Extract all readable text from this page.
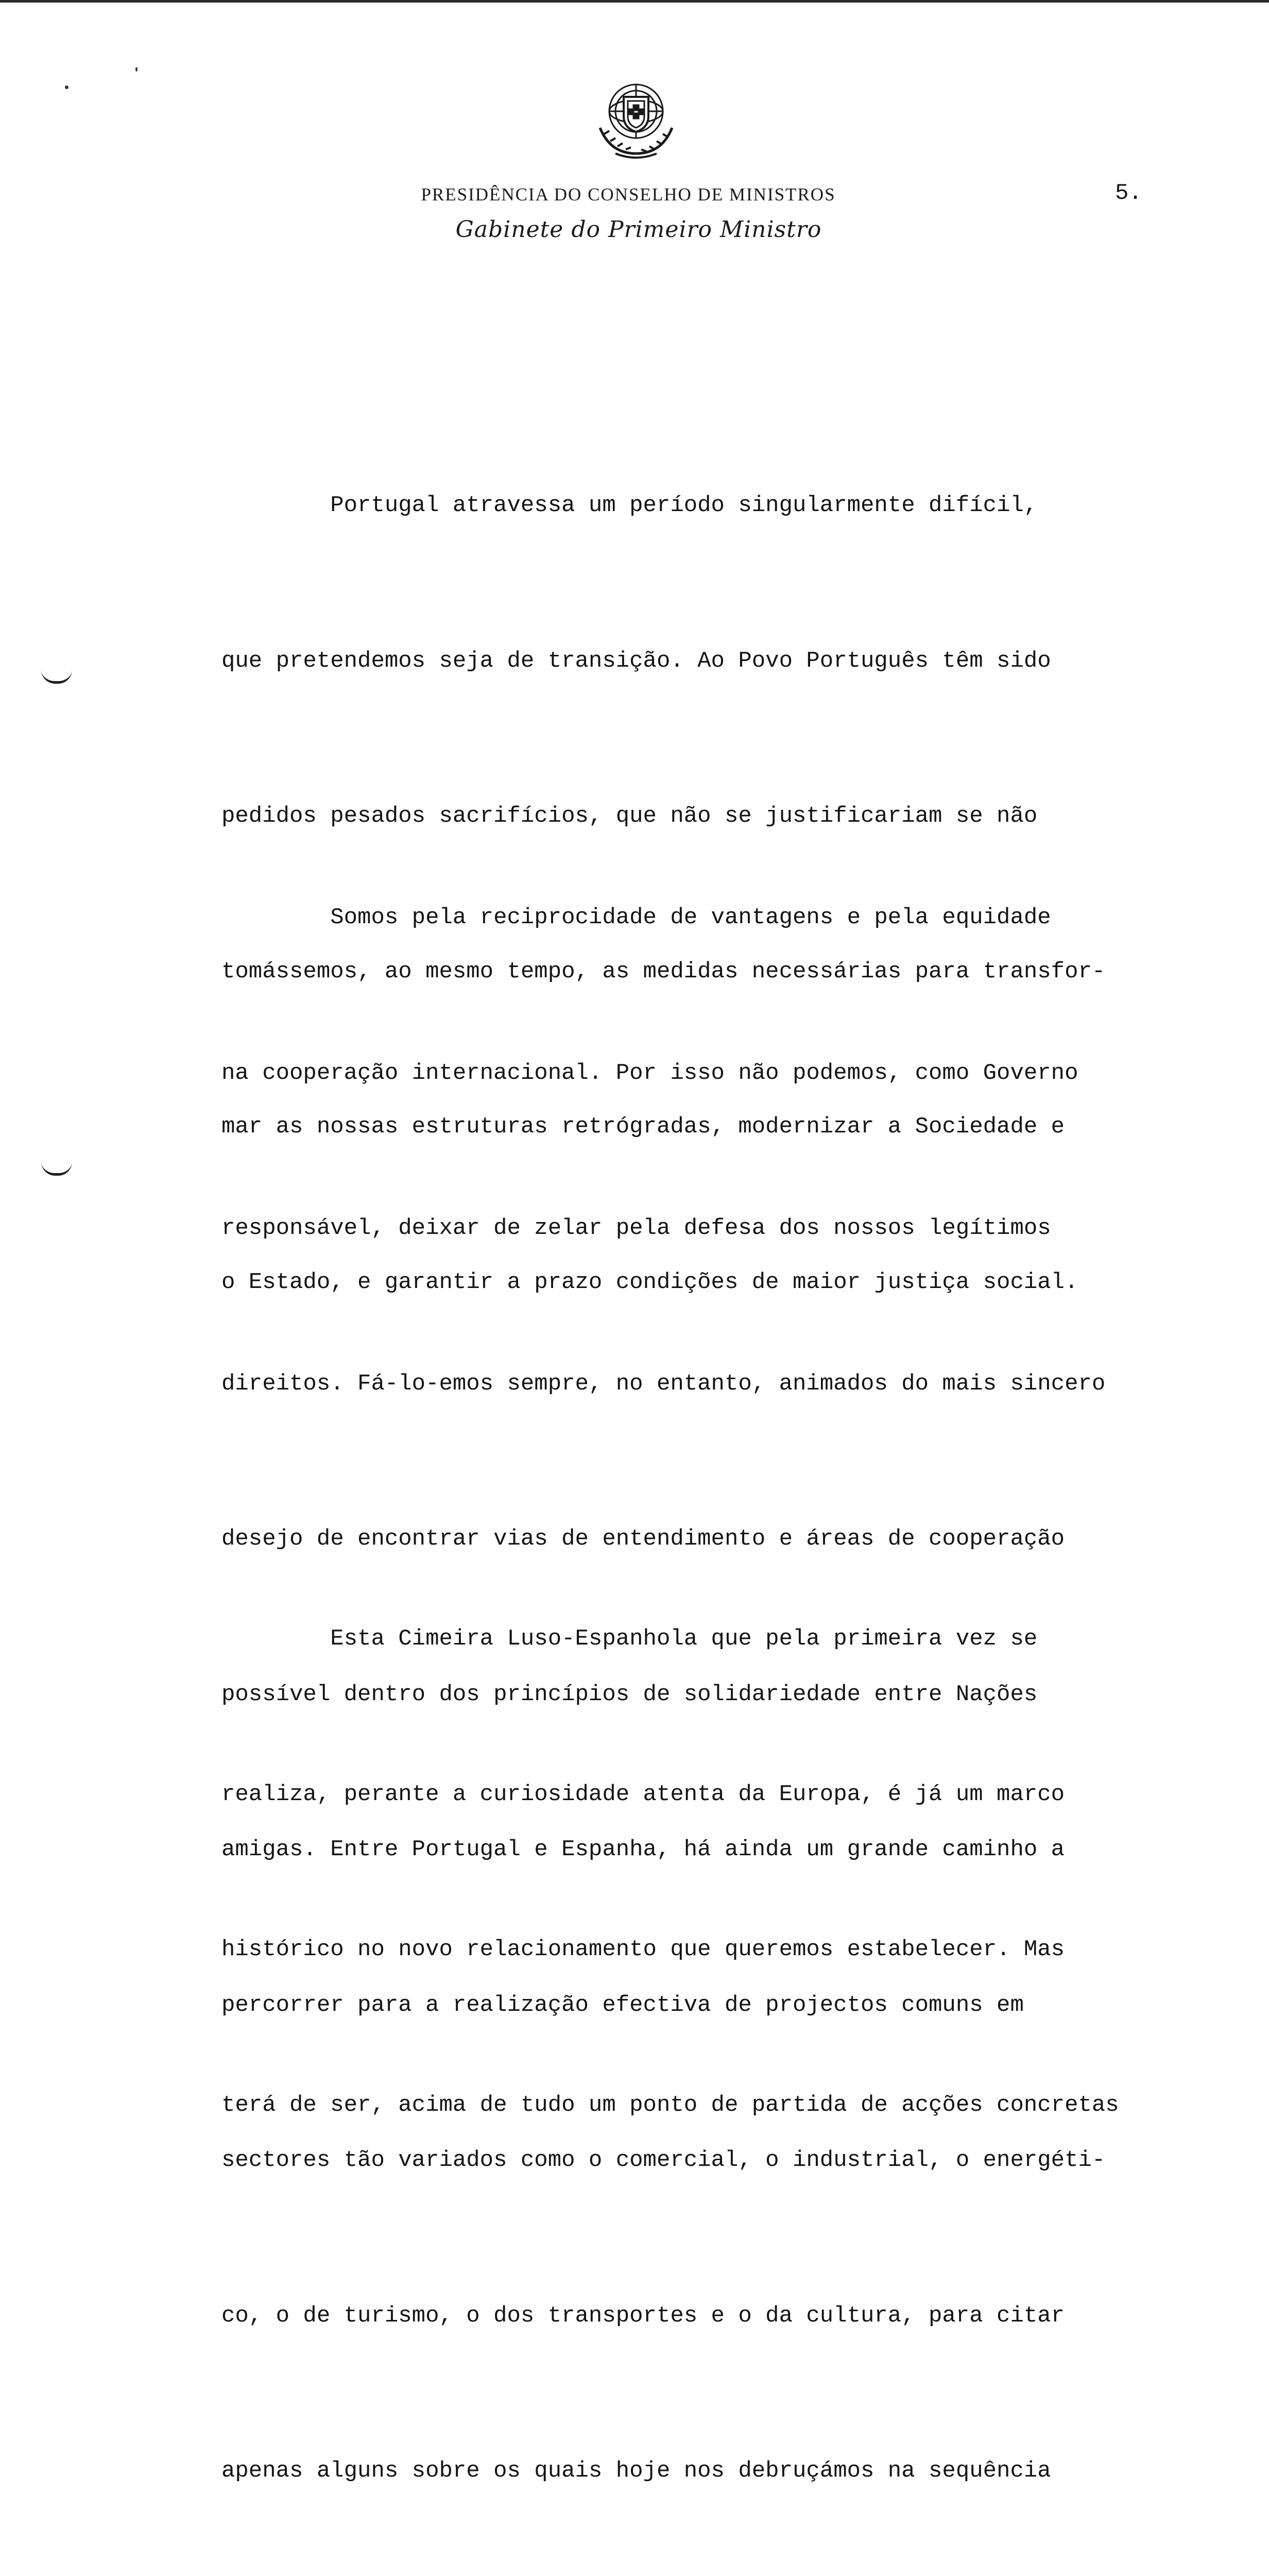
PRESIDÊNCIA DO CONSELHO DE MINISTROS	5.
Gabinete do Primeiro Ministro

Portugal atravessa um período singularmente difícil,

que pretendemos seja de transição. Ao Povo Português têm sido

pedidos pesados sacrifícios, que não se justificariam se não

tomássemos, ao mesmo tempo, as medidas necessárias para transfor-

mar as nossas estruturas retrógradas, modernizar a Sociedade e

o Estado, e garantir a prazo condições de maior justiça social.

Somos pela reciprocidade de vantagens e pela equidade

na cooperação internacional. Por isso não podemos, como Governo

responsável, deixar de zelar pela defesa dos nossos legítimos

direitos. Fá-lo-emos sempre, no entanto, animados do mais sincero

desejo de encontrar vias de entendimento e áreas de cooperação

possível dentro dos princípios de solidariedade entre Nações

amigas. Entre Portugal e Espanha, há ainda um grande caminho a

percorrer para a realização efectiva de projectos comuns em

sectores tão variados como o comercial, o industrial, o energéti-

co, o de turismo, o dos transportes e o da cultura, para citar

apenas alguns sobre os quais hoje nos debruçámos na sequência

Esta Cimeira Luso-Espanhola que pela primeira vez se

realiza, perante a curiosidade atenta da Europa, é já um marco

histórico no novo relacionamento que queremos estabelecer. Mas

terá de ser, acima de tudo um ponto de partida de acções concretas
